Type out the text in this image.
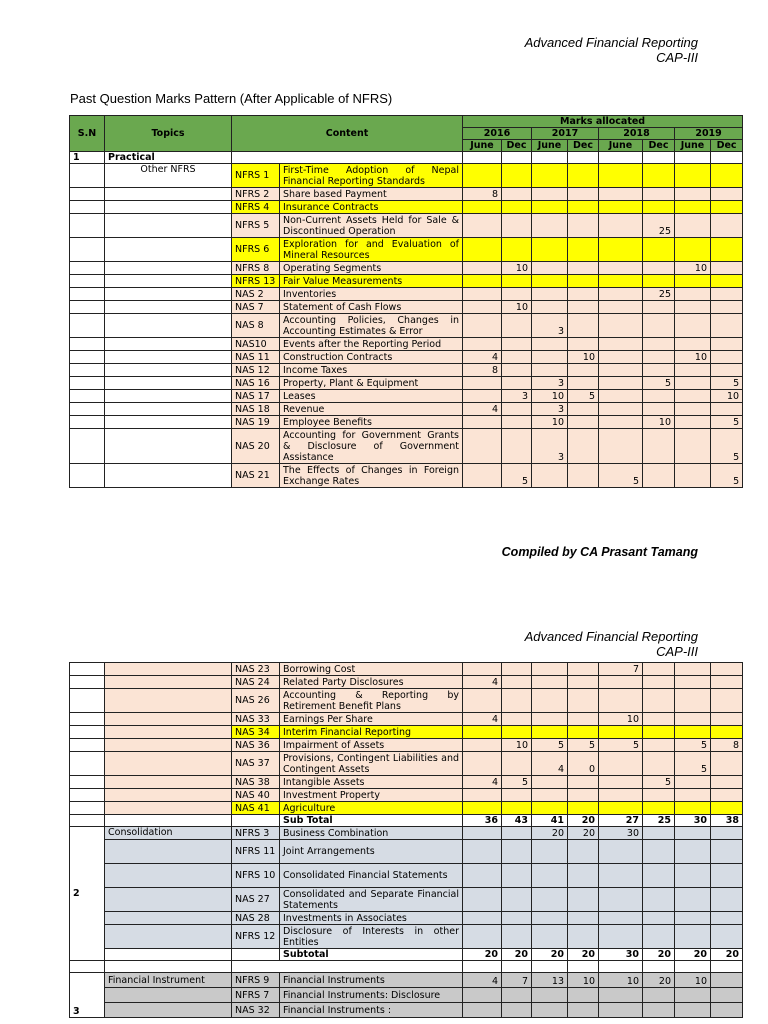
Advanced Financial Reporting
CAP-III
Past Question Marks Pattern (After Applicable of NFRS)
S.N	Topics	Content		Marks allocated							
				2016		2017		2018		2019	
				June	Dec	June	Dec	June	Dec	June	Dec
1	Practical										
	Other NFRS	NFRS 1	First-Time Adoption of Nepal Financial Reporting Standards								
		NFRS 2	Share based Payment	8							
		NFRS 4	Insurance Contracts								
		NFRS 5	Non-Current Assets Held for Sale & Discontinued Operation						25		
		NFRS 6	Exploration for and Evaluation of Mineral Resources								
		NFRS 8	Operating Segments		10					10	
		NFRS 13	Fair Value Measurements								
		NAS 2	Inventories						25		
		NAS 7	Statement of Cash Flows		10						
		NAS 8	Accounting Policies, Changes in Accounting Estimates & Error			3					
		NAS10	Events after the Reporting Period								
		NAS 11	Construction Contracts	4			10			10	
		NAS 12	Income Taxes	8							
		NAS 16	Property, Plant & Equipment			3			5		5
		NAS 17	Leases		3	10	5				10
		NAS 18	Revenue	4		3					
		NAS 19	Employee Benefits			10			10		5
		NAS 20	Accounting for Government Grants & Disclosure of Government Assistance			3					5
		NAS 21	The Effects of Changes in Foreign Exchange Rates		5			5			5
Compiled by CA Prasant Tamang
Advanced Financial Reporting
CAP-III
		NAS 23	Borrowing Cost					7			
		NAS 24	Related Party Disclosures	4							
		NAS 26	Accounting & Reporting by Retirement Benefit Plans								
		NAS 33	Earnings Per Share	4				10			
		NAS 34	Interim Financial Reporting								
		NAS 36	Impairment of Assets		10	5	5	5		5	8
		NAS 37	Provisions, Contingent Liabilities and Contingent Assets			4	0			5	
		NAS 38	Intangible Assets	4	5				5		
		NAS 40	Investment Property								
		NAS 41	Agriculture								
			Sub Total	36	43	41	20	27	25	30	38
2	Consolidation	NFRS 3	Business Combination			20	20	30			
		NFRS 11	Joint Arrangements								
		NFRS 10	Consolidated Financial Statements								
		NAS 27	Consolidated and Separate Financial Statements								
		NAS 28	Investments in Associates								
		NFRS 12	Disclosure of Interests in other Entities								
			Subtotal	20	20	20	20	30	20	20	20

3	Financial Instrument	NFRS 9	Financial Instruments	4	7	13	10	10	20	10	
		NFRS 7	Financial Instruments: Disclosure								
		NAS 32	Financial Instruments :								
